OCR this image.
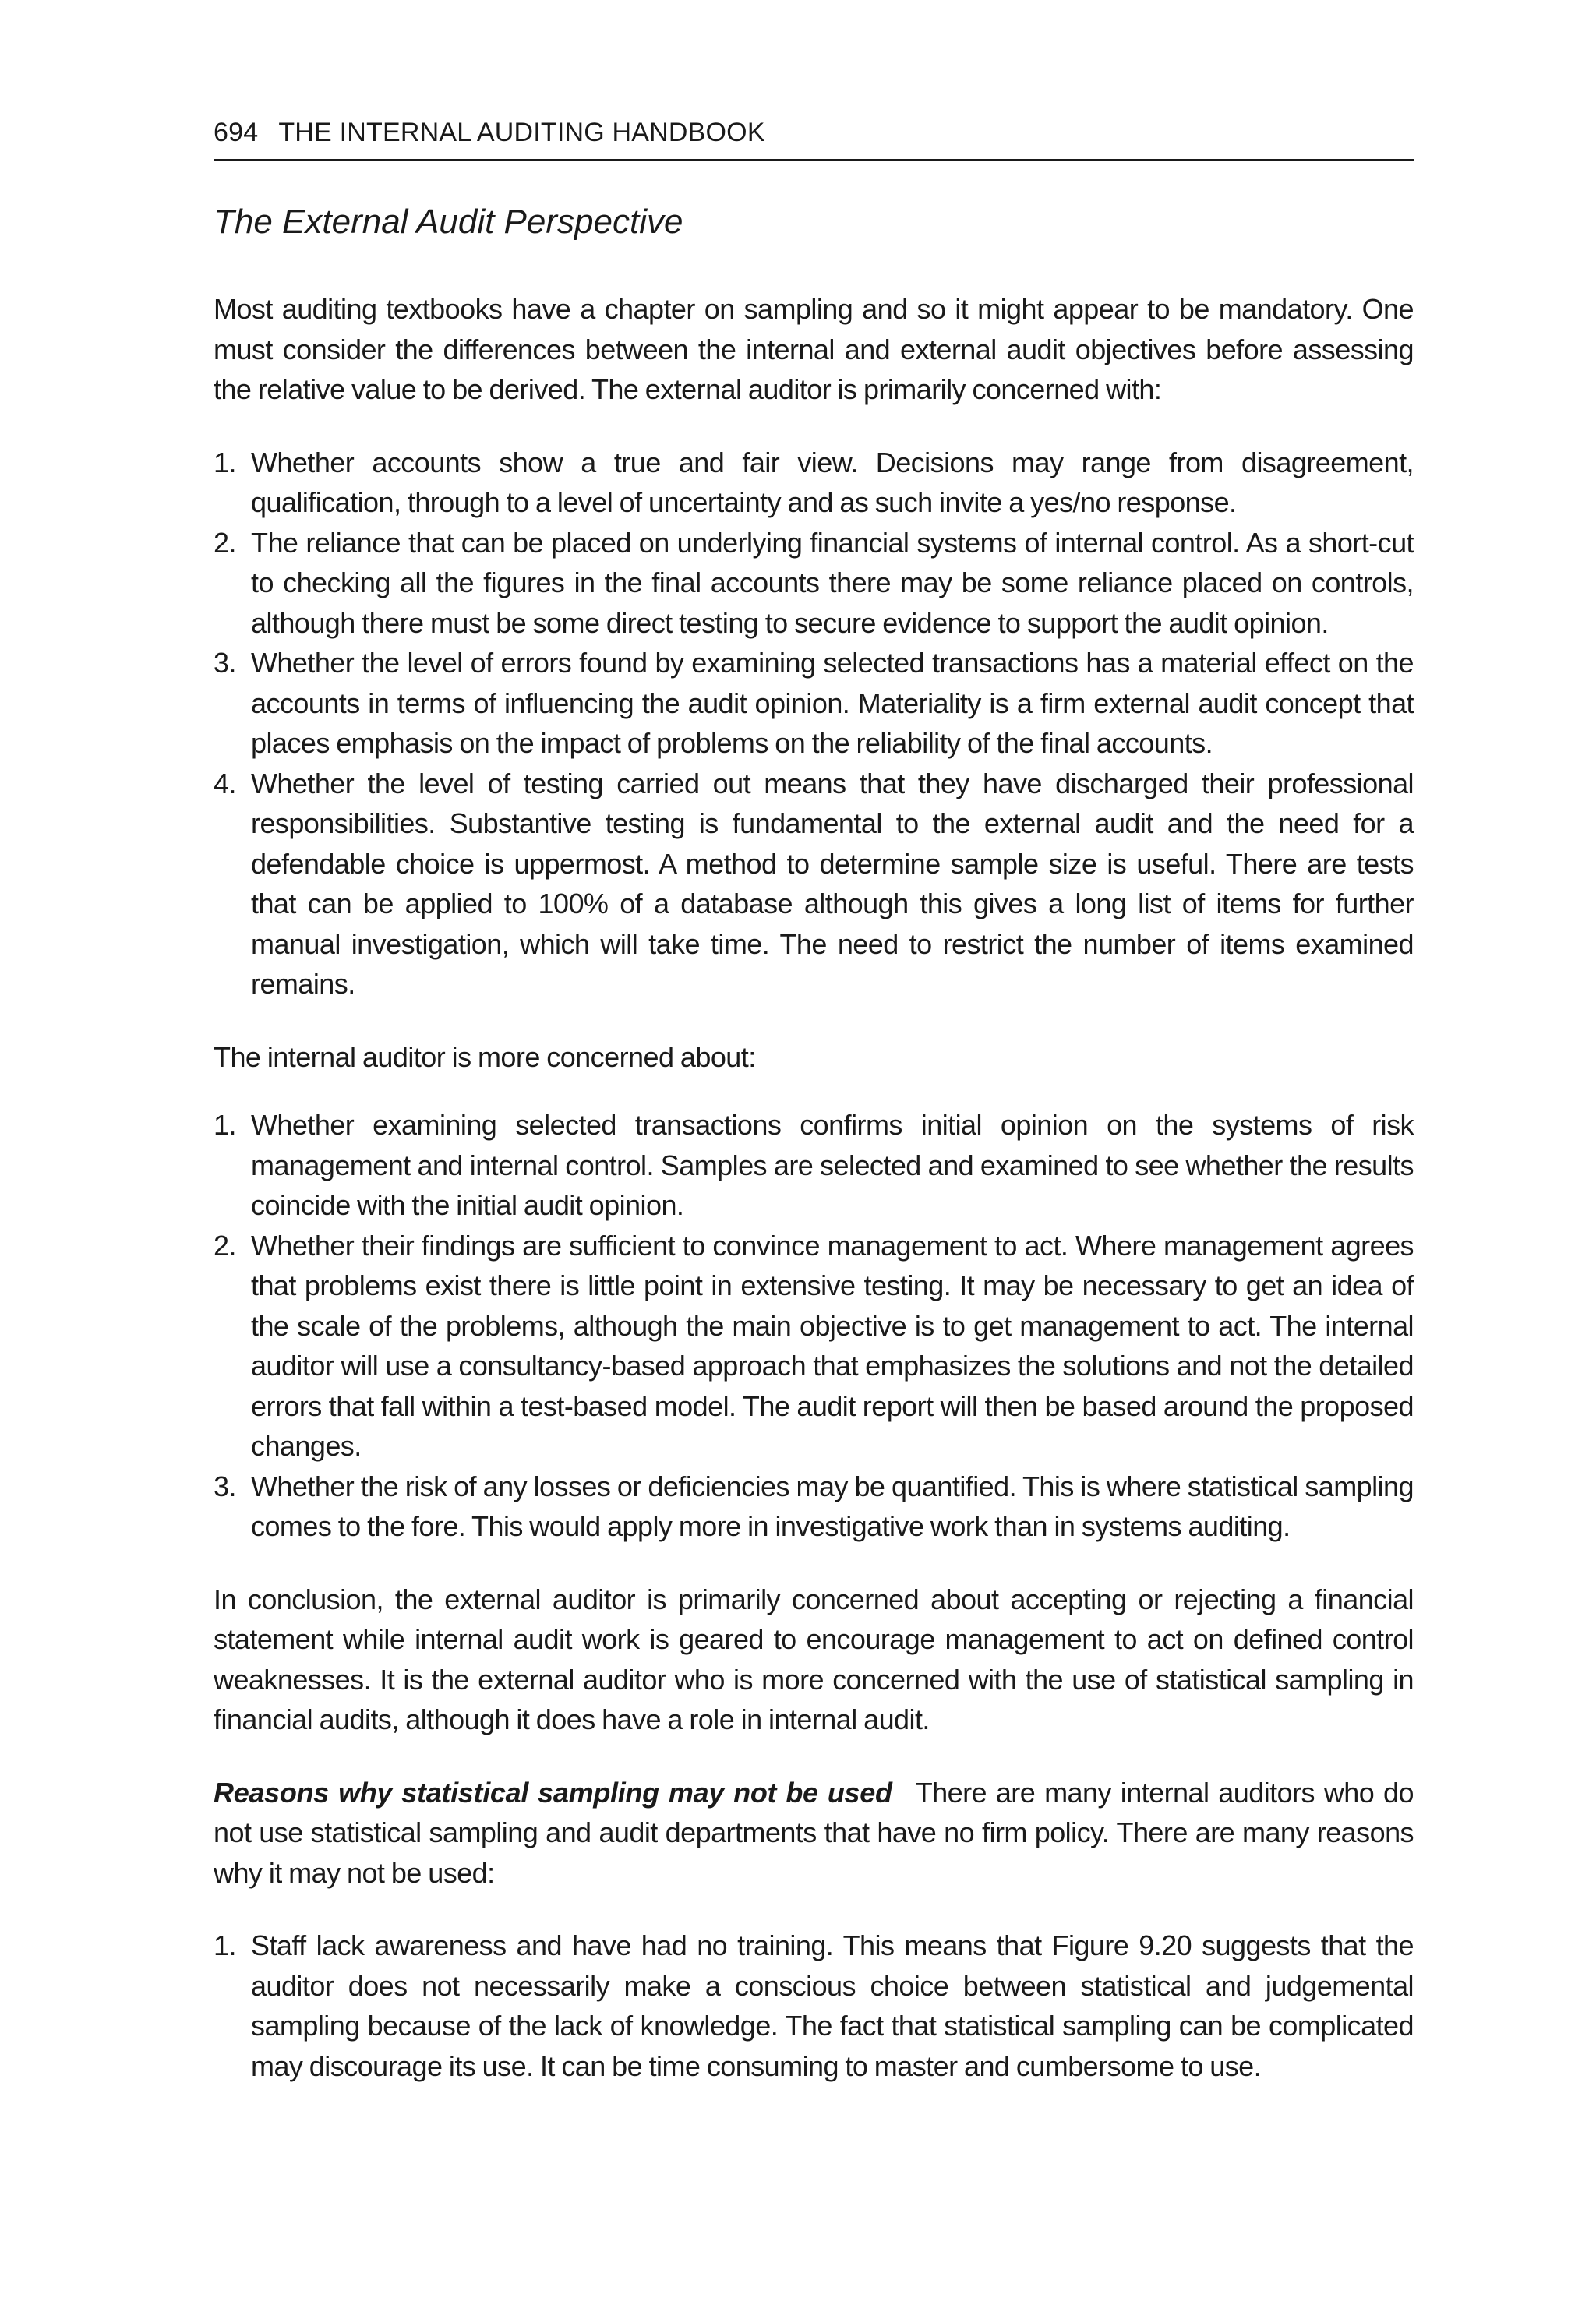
694 THE INTERNAL AUDITING HANDBOOK
The External Audit Perspective

Most auditing textbooks have a chapter on sampling and so it might appear to be mandatory. One must consider the differences between the internal and external audit objectives before assessing the relative value to be derived. The external auditor is primarily concerned with:

1. Whether accounts show a true and fair view. Decisions may range from disagreement, qualification, through to a level of uncertainty and as such invite a yes/no response.
2. The reliance that can be placed on underlying financial systems of internal control. As a short-cut to checking all the figures in the final accounts there may be some reliance placed on controls, although there must be some direct testing to secure evidence to support the audit opinion.
3. Whether the level of errors found by examining selected transactions has a material effect on the accounts in terms of influencing the audit opinion. Materiality is a firm external audit concept that places emphasis on the impact of problems on the reliability of the final accounts.
4. Whether the level of testing carried out means that they have discharged their professional responsibilities. Substantive testing is fundamental to the external audit and the need for a defendable choice is uppermost. A method to determine sample size is useful. There are tests that can be applied to 100% of a database although this gives a long list of items for further manual investigation, which will take time. The need to restrict the number of items examined remains.

The internal auditor is more concerned about:

1. Whether examining selected transactions confirms initial opinion on the systems of risk management and internal control. Samples are selected and examined to see whether the results coincide with the initial audit opinion.
2. Whether their findings are sufficient to convince management to act. Where management agrees that problems exist there is little point in extensive testing. It may be necessary to get an idea of the scale of the problems, although the main objective is to get management to act. The internal auditor will use a consultancy-based approach that emphasizes the solutions and not the detailed errors that fall within a test-based model. The audit report will then be based around the proposed changes.
3. Whether the risk of any losses or deficiencies may be quantified. This is where statistical sampling comes to the fore. This would apply more in investigative work than in systems auditing.

In conclusion, the external auditor is primarily concerned about accepting or rejecting a financial statement while internal audit work is geared to encourage management to act on defined control weaknesses. It is the external auditor who is more concerned with the use of statistical sampling in financial audits, although it does have a role in internal audit.

Reasons why statistical sampling may not be used There are many internal auditors who do not use statistical sampling and audit departments that have no firm policy. There are many reasons why it may not be used:

1. Staff lack awareness and have had no training. This means that Figure 9.20 suggests that the auditor does not necessarily make a conscious choice between statistical and judgemental sampling because of the lack of knowledge. The fact that statistical sampling can be complicated may discourage its use. It can be time consuming to master and cumbersome to use.
